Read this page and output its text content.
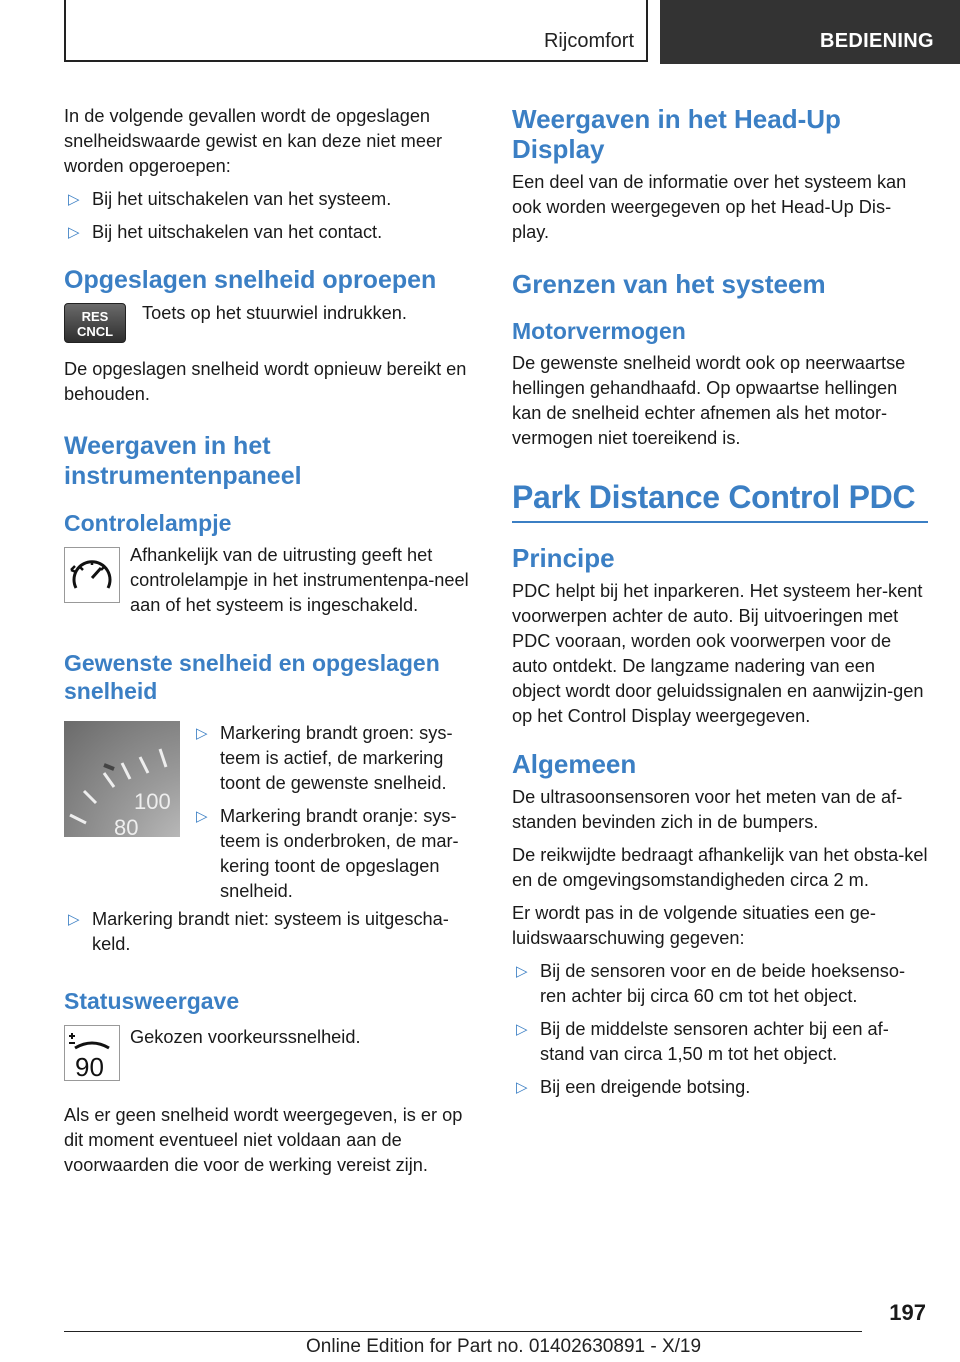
Rijcomfort	BEDIENING

In de volgende gevallen wordt de opgeslagen snelheidswaarde gewist en kan deze niet meer worden opgeroepen:

▷ Bij het uitschakelen van het systeem.
▷ Bij het uitschakelen van het contact.
Opgeslagen snelheid oproepen
RES CNCL

Toets op het stuurwiel indrukken.

De opgeslagen snelheid wordt opnieuw bereikt en behouden.

Weergaven in het instrumentenpaneel
Controlelampje

Afhankelijk van de uitrusting geeft het controlelampje in het instrumentenpa-neel aan of het systeem is ingeschakeld.

Gewenste snelheid en opgeslagen snelheid
100
80
▷ Markering brandt groen: sys-teem is actief, de markering toont de gewenste snelheid.
▷ Markering brandt oranje: sys-teem is onderbroken, de mar-kering toont de opgeslagen snelheid.
▷ Markering brandt niet: systeem is uitgescha-keld.
Statusweergave
90

Gekozen voorkeurssnelheid.

Als er geen snelheid wordt weergegeven, is er op dit moment eventueel niet voldaan aan de voorwaarden die voor de werking vereist zijn.

Weergaven in het Head-Up Display

Een deel van de informatie over het systeem kan ook worden weergegeven op het Head-Up Dis-play.

Grenzen van het systeem
Motorvermogen

De gewenste snelheid wordt ook op neerwaartse hellingen gehandhaafd. Op opwaartse hellingen kan de snelheid echter afnemen als het motor-vermogen niet toereikend is.

Park Distance Control PDC
Principe

PDC helpt bij het inparkeren. Het systeem her-kent voorwerpen achter de auto. Bij uitvoeringen met PDC vooraan, worden ook voorwerpen voor de auto ontdekt. De langzame nadering van een object wordt door geluidssignalen en aanwijzin-gen op het Control Display weergegeven.

Algemeen

De ultrasoonsensoren voor het meten van de af-standen bevinden zich in de bumpers.

De reikwijdte bedraagt afhankelijk van het obsta-kel en de omgevingsomstandigheden circa 2 m.

Er wordt pas in de volgende situaties een ge-luidswaarschuwing gegeven:

▷ Bij de sensoren voor en de beide hoeksenso-ren achter bij circa 60 cm tot het object.
▷ Bij de middelste sensoren achter bij een af-stand van circa 1,50 m tot het object.
▷ Bij een dreigende botsing.
197
Online Edition for Part no. 01402630891 - X/19
